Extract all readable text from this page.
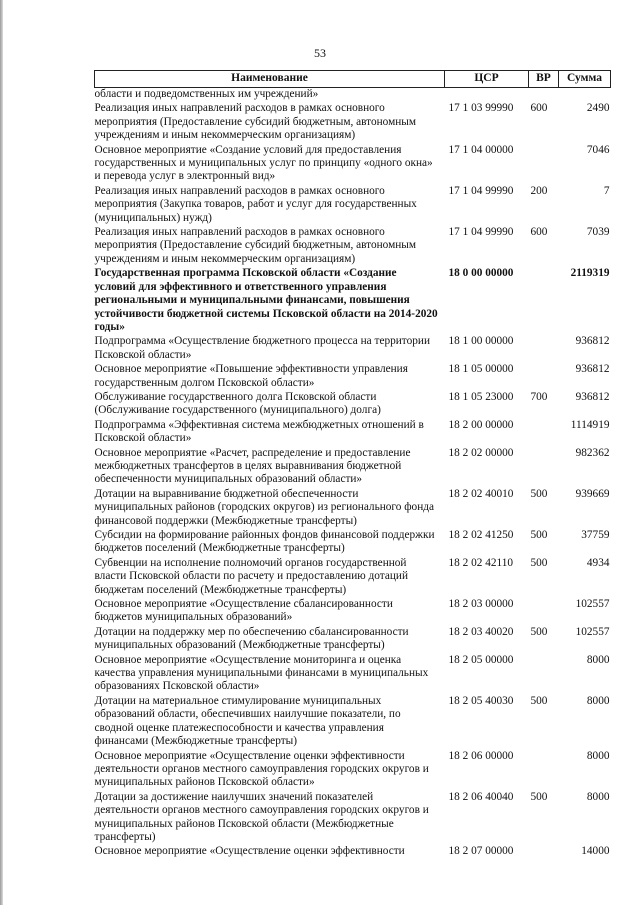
53
Наименование	ЦСР	ВР	Сумма
области и подведомственных им учреждений»			
Реализация иных направлений расходов в рамках основного мероприятия (Предоставление субсидий бюджетным, автономным учреждениям и иным некоммерческим организациям)	17 1 03 99990	600	2490
Основное мероприятие «Создание условий для предоставления государственных и муниципальных услуг по принципу «одного окна» и перевода услуг в электронный вид»	17 1 04 00000		7046
Реализация иных направлений расходов в рамках основного мероприятия (Закупка товаров, работ и услуг для государственных (муниципальных) нужд)	17 1 04 99990	200	7
Реализация иных направлений расходов в рамках основного мероприятия (Предоставление субсидий бюджетным, автономным учреждениям и иным некоммерческим организациям)	17 1 04 99990	600	7039
Государственная программа Псковской области «Создание условий для эффективного и ответственного управления региональными и муниципальными финансами, повышения устойчивости бюджетной системы Псковской области на 2014-2020 годы»	18 0 00 00000		2119319
Подпрограмма «Осуществление бюджетного процесса на территории Псковской области»	18 1 00 00000		936812
Основное мероприятие «Повышение эффективности управления государственным долгом Псковской области»	18 1 05 00000		936812
Обслуживание государственного долга Псковской области (Обслуживание государственного (муниципального) долга)	18 1 05 23000	700	936812
Подпрограмма «Эффективная система межбюджетных отношений в Псковской области»	18 2 00 00000		1114919
Основное мероприятие «Расчет, распределение и предоставление межбюджетных трансфертов в целях выравнивания бюджетной обеспеченности муниципальных образований области»	18 2 02 00000		982362
Дотации на выравнивание бюджетной обеспеченности муниципальных районов (городских округов) из регионального фонда финансовой поддержки (Межбюджетные трансферты)	18 2 02 40010	500	939669
Субсидии на формирование районных фондов финансовой поддержки бюджетов поселений (Межбюджетные трансферты)	18 2 02 41250	500	37759
Субвенции на исполнение полномочий органов государственной власти Псковской области по расчету и предоставлению дотаций бюджетам поселений (Межбюджетные трансферты)	18 2 02 42110	500	4934
Основное мероприятие «Осуществление сбалансированности бюджетов муниципальных образований»	18 2 03 00000		102557
Дотации на поддержку мер по обеспечению сбалансированности муниципальных образований (Межбюджетные трансферты)	18 2 03 40020	500	102557
Основное мероприятие «Осуществление мониторинга и оценка качества управления муниципальными финансами в муниципальных образованиях Псковской области»	18 2 05 00000		8000
Дотации на материальное стимулирование муниципальных образований области, обеспечивших наилучшие показатели, по сводной оценке платежеспособности и качества управления финансами (Межбюджетные трансферты)	18 2 05 40030	500	8000
Основное мероприятие «Осуществление оценки эффективности деятельности органов местного самоуправления городских округов и муниципальных районов Псковской области»	18 2 06 00000		8000
Дотации за достижение наилучших значений показателей деятельности органов местного самоуправления городских округов и муниципальных районов Псковской области (Межбюджетные трансферты)	18 2 06 40040	500	8000
Основное мероприятие «Осуществление оценки эффективности	18 2 07 00000		14000
